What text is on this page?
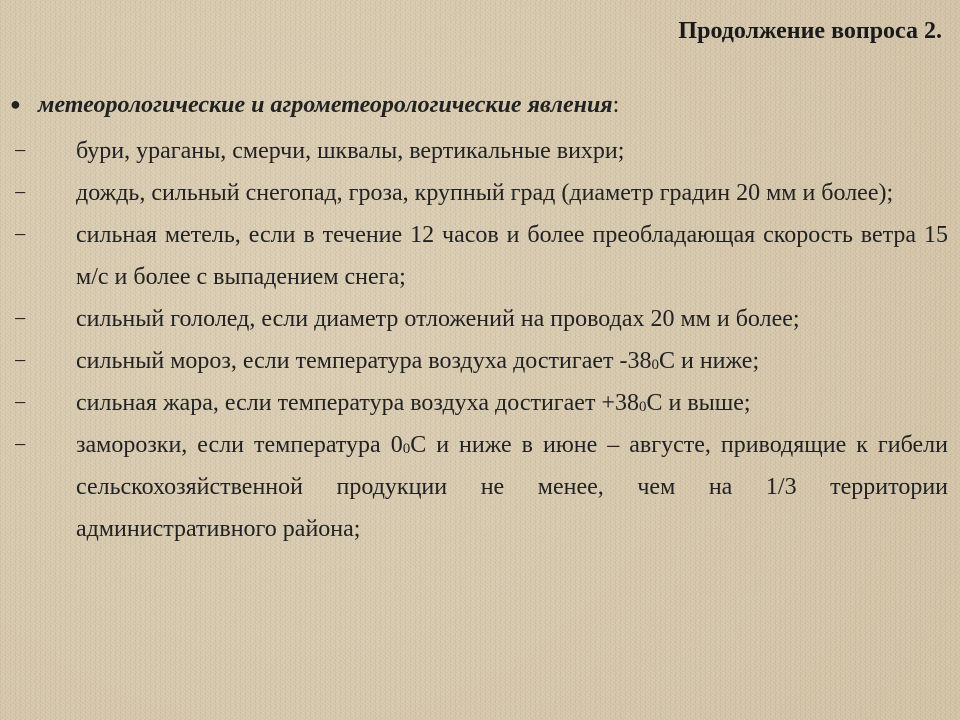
Продолжение вопроса 2.
● метеорологические и агрометеорологические явления:
−	бури, ураганы, смерчи, шквалы, вертикальные вихри;
−	дождь, сильный снегопад, гроза, крупный град (диаметр градин 20 мм и более);
−	сильная метель, если в течение 12 часов и более преобладающая скорость ветра 15 м/с и более с выпадением снега;
−	сильный гололед, если диаметр отложений на проводах 20 мм и более;
−	сильный мороз, если температура воздуха достигает $-38_0С$ и ниже;
−	сильная жара, если температура воздуха достигает $+38_0С$ и выше;
−	заморозки, если температура $0_0С$ и ниже в июне – августе, приводящие к гибели сельскохозяйственной продукции не менее, чем на 1/3 территории административного района;
